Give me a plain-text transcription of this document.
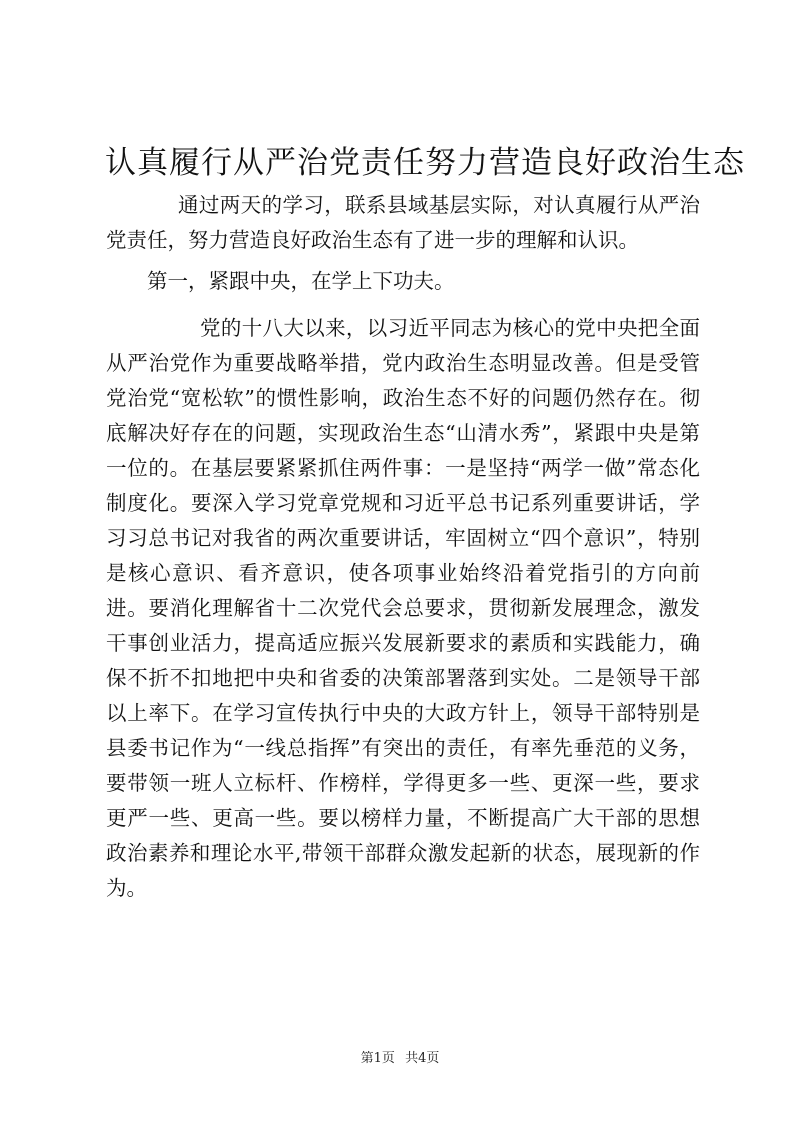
认真履行从严治党责任努力营造良好政治生态

通过两天的学习，联系县域基层实际，对认真履行从严治党责任，努力营造良好政治生态有了进一步的理解和认识。

第一，紧跟中央，在学上下功夫。

党的十八大以来，以习近平同志为核心的党中央把全面从严治党作为重要战略举措，党内政治生态明显改善。但是受管党治党“宽松软”的惯性影响，政治生态不好的问题仍然存在。彻底解决好存在的问题，实现政治生态“山清水秀”，紧跟中央是第一位的。在基层要紧紧抓住两件事：一是坚持“两学一做”常态化制度化。要深入学习党章党规和习近平总书记系列重要讲话，学习习总书记对我省的两次重要讲话，牢固树立“四个意识”，特别是核心意识、看齐意识，使各项事业始终沿着党指引的方向前进。要消化理解省十二次党代会总要求，贯彻新发展理念，激发干事创业活力，提高适应振兴发展新要求的素质和实践能力，确保不折不扣地把中央和省委的决策部署落到实处。二是领导干部以上率下。在学习宣传执行中央的大政方针上，领导干部特别是县委书记作为“一线总指挥”有突出的责任，有率先垂范的义务，要带领一班人立标杆、作榜样，学得更多一些、更深一些，要求更严一些、更高一些。要以榜样力量，不断提高广大干部的思想政治素养和理论水平,带领干部群众激发起新的状态，展现新的作为。

第1页 共4页
